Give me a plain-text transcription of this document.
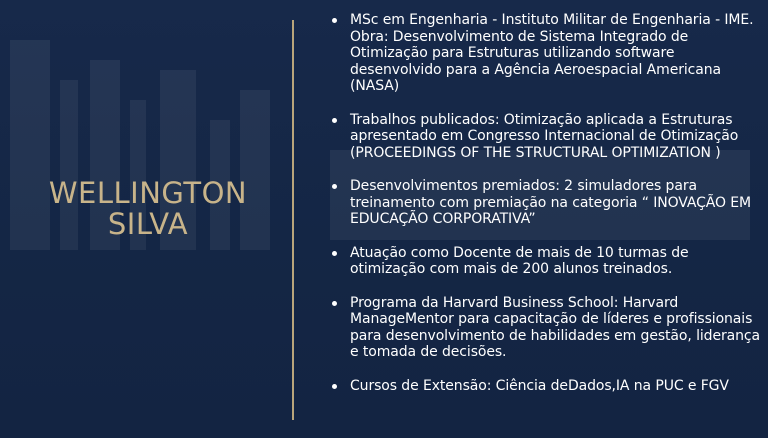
WELLINGTON
SILVA
MSc em Engenharia - Instituto Militar de Engenharia - IME. Obra: Desenvolvimento de Sistema Integrado de Otimização para Estruturas utilizando software desenvolvido para a Agência Aeroespacial Americana (NASA)
Trabalhos publicados: Otimização aplicada a Estruturas apresentado em Congresso Internacional de Otimização (PROCEEDINGS OF THE STRUCTURAL OPTIMIZATION )
Desenvolvimentos premiados: 2 simuladores para treinamento com premiação na categoria “ INOVAÇÃO EM EDUCAÇÃO CORPORATIVA”
Atuação como Docente de mais de 10 turmas de otimização com mais de 200 alunos treinados.
Programa da Harvard Business School: Harvard ManageMentor para capacitação de líderes e profissionais para desenvolvimento de habilidades em gestão, liderança e tomada de decisões.
Cursos de Extensão: Ciência deDados,IA na PUC e FGV
